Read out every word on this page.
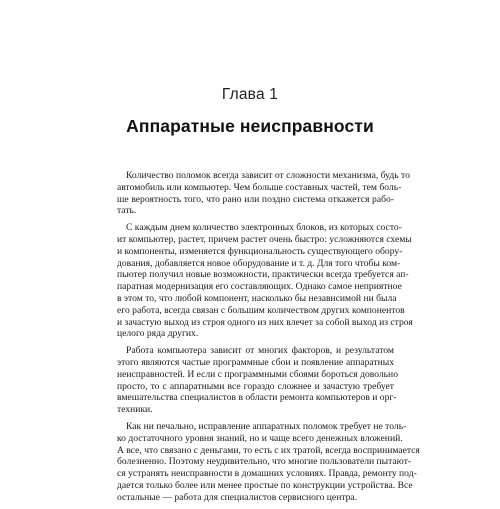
Глава 1
Аппаратные неисправности
Количество поломок всегда зависит от сложности механизма, будь то
автомобиль или компьютер. Чем больше составных частей, тем боль-
ше вероятность того, что рано или поздно система откажется рабо-
тать.
С каждым днем количество электронных блоков, из которых состо-
ит компьютер, растет, причем растет очень быстро: усложняются схемы
и компоненты, изменяется функциональность существующего обору-
дования, добавляется новое оборудование и т. д. Для того чтобы ком-
пьютер получил новые возможности, практически всегда требуется ап-
паратная модернизация его составляющих. Однако самое неприятное
в этом то, что любой компонент, насколько бы независимой ни была
его работа, всегда связан с большим количеством других компонентов
и зачастую выход из строя одного из них влечет за собой выход из строя
целого ряда других.
Работа компьютера зависит от многих факторов, и результатом
этого являются частые программные сбои и появление аппаратных
неисправностей. И если с программными сбоями бороться довольно
просто, то с аппаратными все гораздо сложнее и зачастую требует
вмешательства специалистов в области ремонта компьютеров и орг-
техники.
Как ни печально, исправление аппаратных поломок требует не толь-
ко достаточного уровня знаний, но и чаще всего денежных вложений.
А все, что связано с деньгами, то есть с их тратой, всегда воспринимается
болезненно. Поэтому неудивительно, что многие пользователи пытают-
ся устранять неисправности в домашних условиях. Правда, ремонту под-
дается только более или менее простые по конструкции устройства. Все
остальные — работа для специалистов сервисного центра.
